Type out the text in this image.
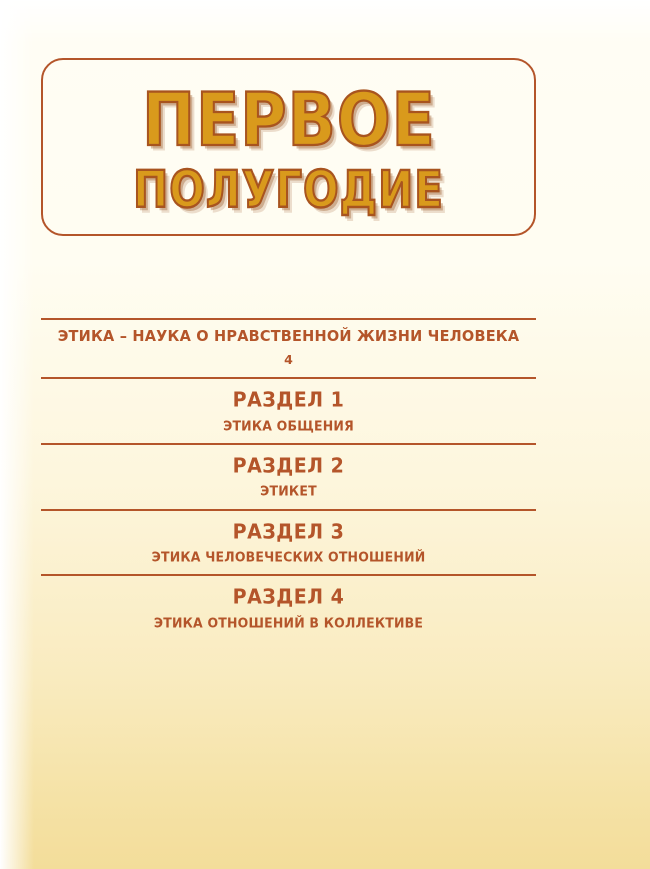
ПЕРВОЕ
ПОЛУГОДИЕ
ЭТИКА – НАУКА О НРАВСТВЕННОЙ ЖИЗНИ ЧЕЛОВЕКА
4
РАЗДЕЛ 1
ЭТИКА ОБЩЕНИЯ
РАЗДЕЛ 2
ЭТИКЕТ
РАЗДЕЛ 3
ЭТИКА ЧЕЛОВЕЧЕСКИХ ОТНОШЕНИЙ
РАЗДЕЛ 4
ЭТИКА ОТНОШЕНИЙ В КОЛЛЕКТИВЕ
